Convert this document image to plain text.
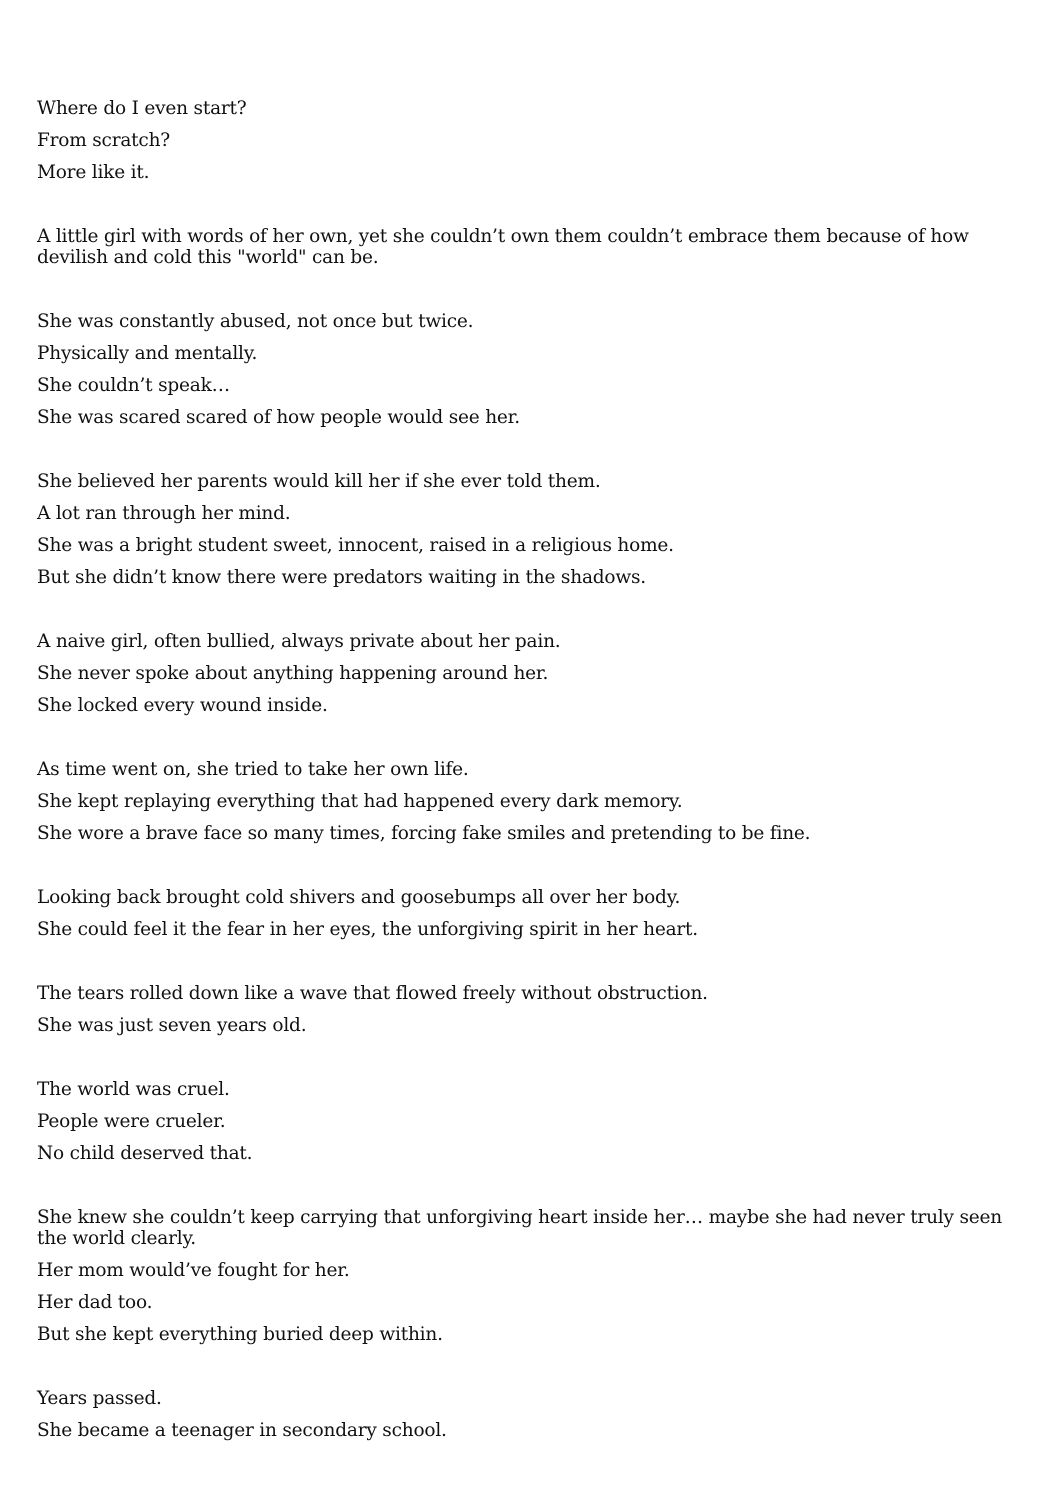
Where do I even start?
From scratch?
More like it.
A little girl with words of her own, yet she couldn’t own them couldn’t embrace them because of how devilish and cold this "world" can be.
She was constantly abused, not once but twice.
Physically and mentally.
She couldn’t speak…
She was scared scared of how people would see her.
She believed her parents would kill her if she ever told them.
A lot ran through her mind.
She was a bright student sweet, innocent, raised in a religious home.
But she didn’t know there were predators waiting in the shadows.
A naive girl, often bullied, always private about her pain.
She never spoke about anything happening around her.
She locked every wound inside.
As time went on, she tried to take her own life.
She kept replaying everything that had happened every dark memory.
She wore a brave face so many times, forcing fake smiles and pretending to be fine.
Looking back brought cold shivers and goosebumps all over her body.
She could feel it the fear in her eyes, the unforgiving spirit in her heart.
The tears rolled down like a wave that flowed freely without obstruction.
She was just seven years old.
The world was cruel.
People were crueler.
No child deserved that.
She knew she couldn’t keep carrying that unforgiving heart inside her… maybe she had never truly seen the world clearly.
Her mom would’ve fought for her.
Her dad too.
But she kept everything buried deep within.
Years passed.
She became a teenager in secondary school.
